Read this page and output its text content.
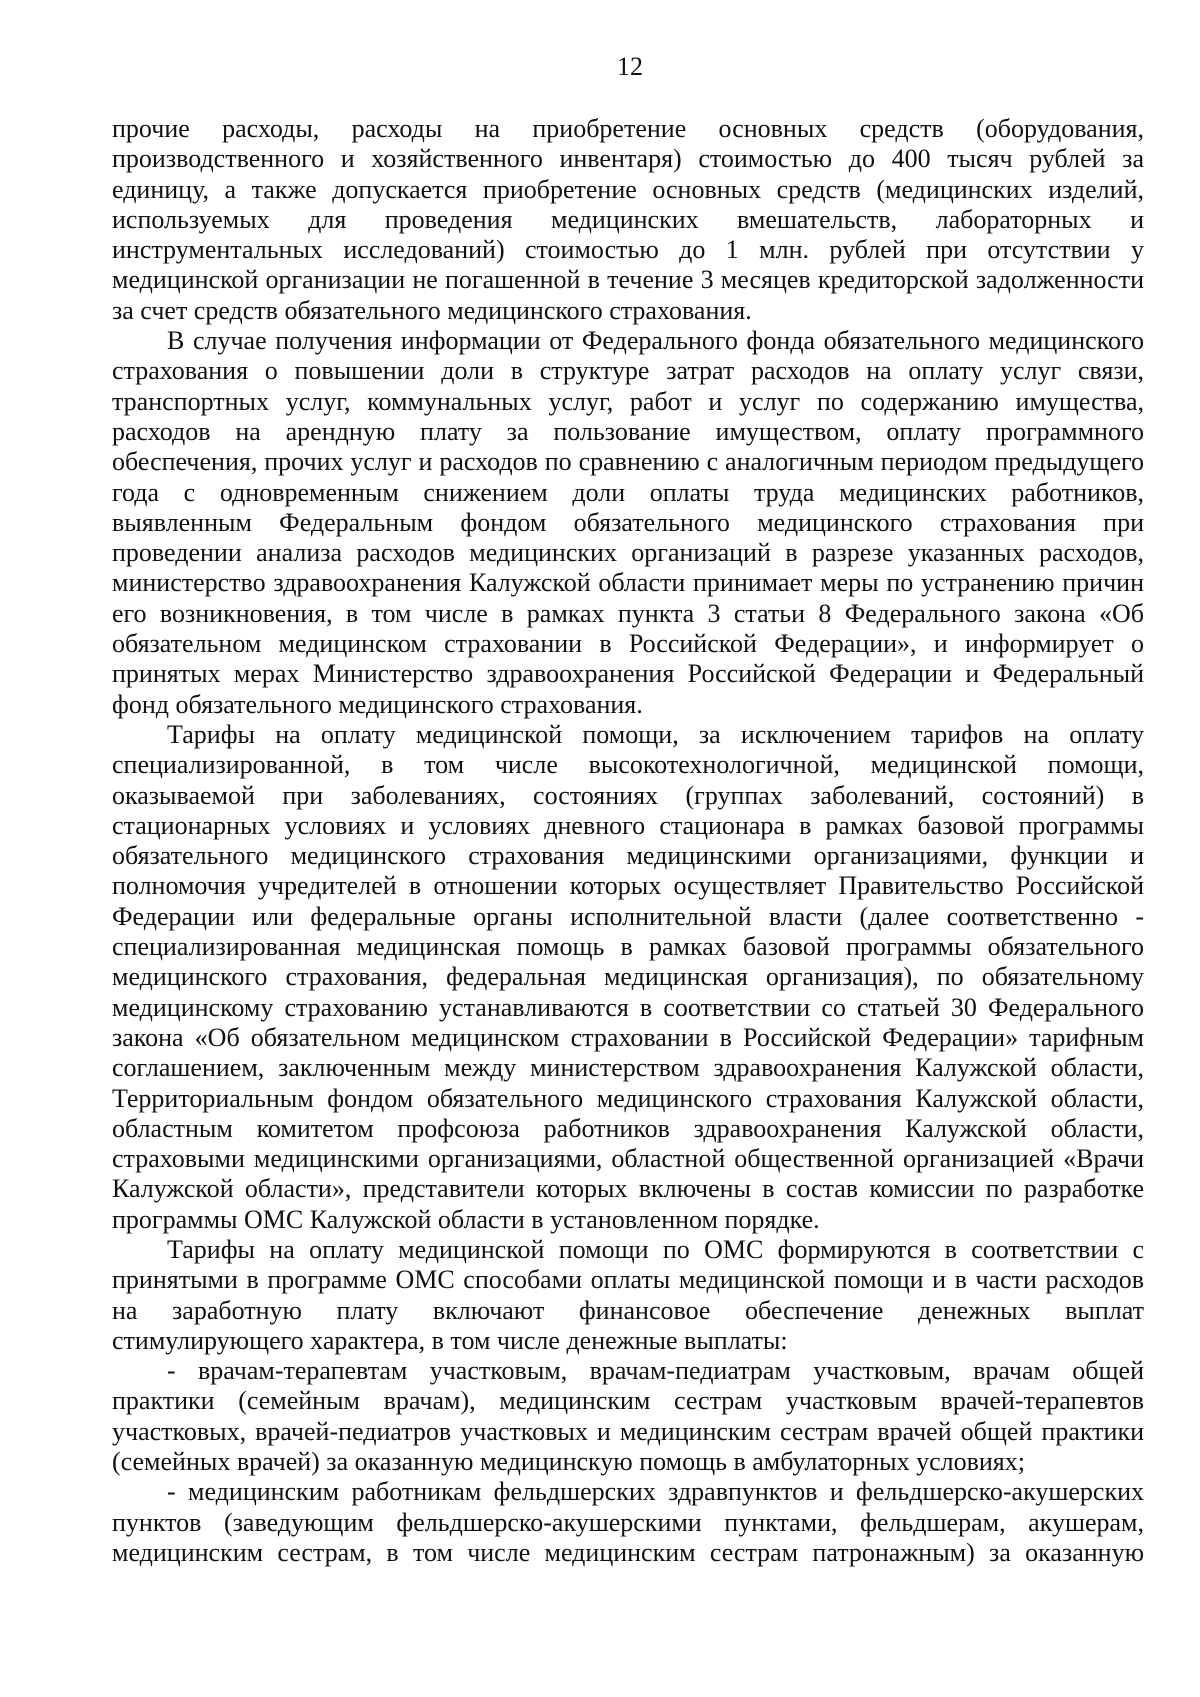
12

прочие расходы, расходы на приобретение основных средств (оборудования, производственного и хозяйственного инвентаря) стоимостью до 400 тысяч рублей за единицу, а также допускается приобретение основных средств (медицинских изделий, используемых для проведения медицинских вмешательств, лабораторных и инструментальных исследований) стоимостью до 1 млн. рублей при отсутствии у медицинской организации не погашенной в течение 3 месяцев кредиторской задолженности за счет средств обязательного медицинского страхования.

В случае получения информации от Федерального фонда обязательного медицинского страхования о повышении доли в структуре затрат расходов на оплату услуг связи, транспортных услуг, коммунальных услуг, работ и услуг по содержанию имущества, расходов на арендную плату за пользование имуществом, оплату программного обеспечения, прочих услуг и расходов по сравнению с аналогичным периодом предыдущего года с одновременным снижением доли оплаты труда медицинских работников, выявленным Федеральным фондом обязательного медицинского страхования при проведении анализа расходов медицинских организаций в разрезе указанных расходов, министерство здравоохранения Калужской области принимает меры по устранению причин его возникновения, в том числе в рамках пункта 3 статьи 8 Федерального закона «Об обязательном медицинском страховании в Российской Федерации», и информирует о принятых мерах Министерство здравоохранения Российской Федерации и Федеральный фонд обязательного медицинского страхования.

Тарифы на оплату медицинской помощи, за исключением тарифов на оплату специализированной, в том числе высокотехнологичной, медицинской помощи, оказываемой при заболеваниях, состояниях (группах заболеваний, состояний) в стационарных условиях и условиях дневного стационара в рамках базовой программы обязательного медицинского страхования медицинскими организациями, функции и полномочия учредителей в отношении которых осуществляет Правительство Российской Федерации или федеральные органы исполнительной власти (далее соответственно - специализированная медицинская помощь в рамках базовой программы обязательного медицинского страхования, федеральная медицинская организация), по обязательному медицинскому страхованию устанавливаются в соответствии со статьей 30 Федерального закона «Об обязательном медицинском страховании в Российской Федерации» тарифным соглашением, заключенным между министерством здравоохранения Калужской области, Территориальным фондом обязательного медицинского страхования Калужской области, областным комитетом профсоюза работников здравоохранения Калужской области, страховыми медицинскими организациями, областной общественной организацией «Врачи Калужской области», представители которых включены в состав комиссии по разработке программы ОМС Калужской области в установленном порядке.

Тарифы на оплату медицинской помощи по ОМС формируются в соответствии с принятыми в программе ОМС способами оплаты медицинской помощи и в части расходов на заработную плату включают финансовое обеспечение денежных выплат стимулирующего характера, в том числе денежные выплаты:

- врачам-терапевтам участковым, врачам-педиатрам участковым, врачам общей практики (семейным врачам), медицинским сестрам участковым врачей-терапевтов участковых, врачей-педиатров участковых и медицинским сестрам врачей общей практики (семейных врачей) за оказанную медицинскую помощь в амбулаторных условиях;

- медицинским работникам фельдшерских здравпунктов и фельдшерско-акушерских пунктов (заведующим фельдшерско-акушерскими пунктами, фельдшерам, акушерам, медицинским сестрам, в том числе медицинским сестрам патронажным) за оказанную
